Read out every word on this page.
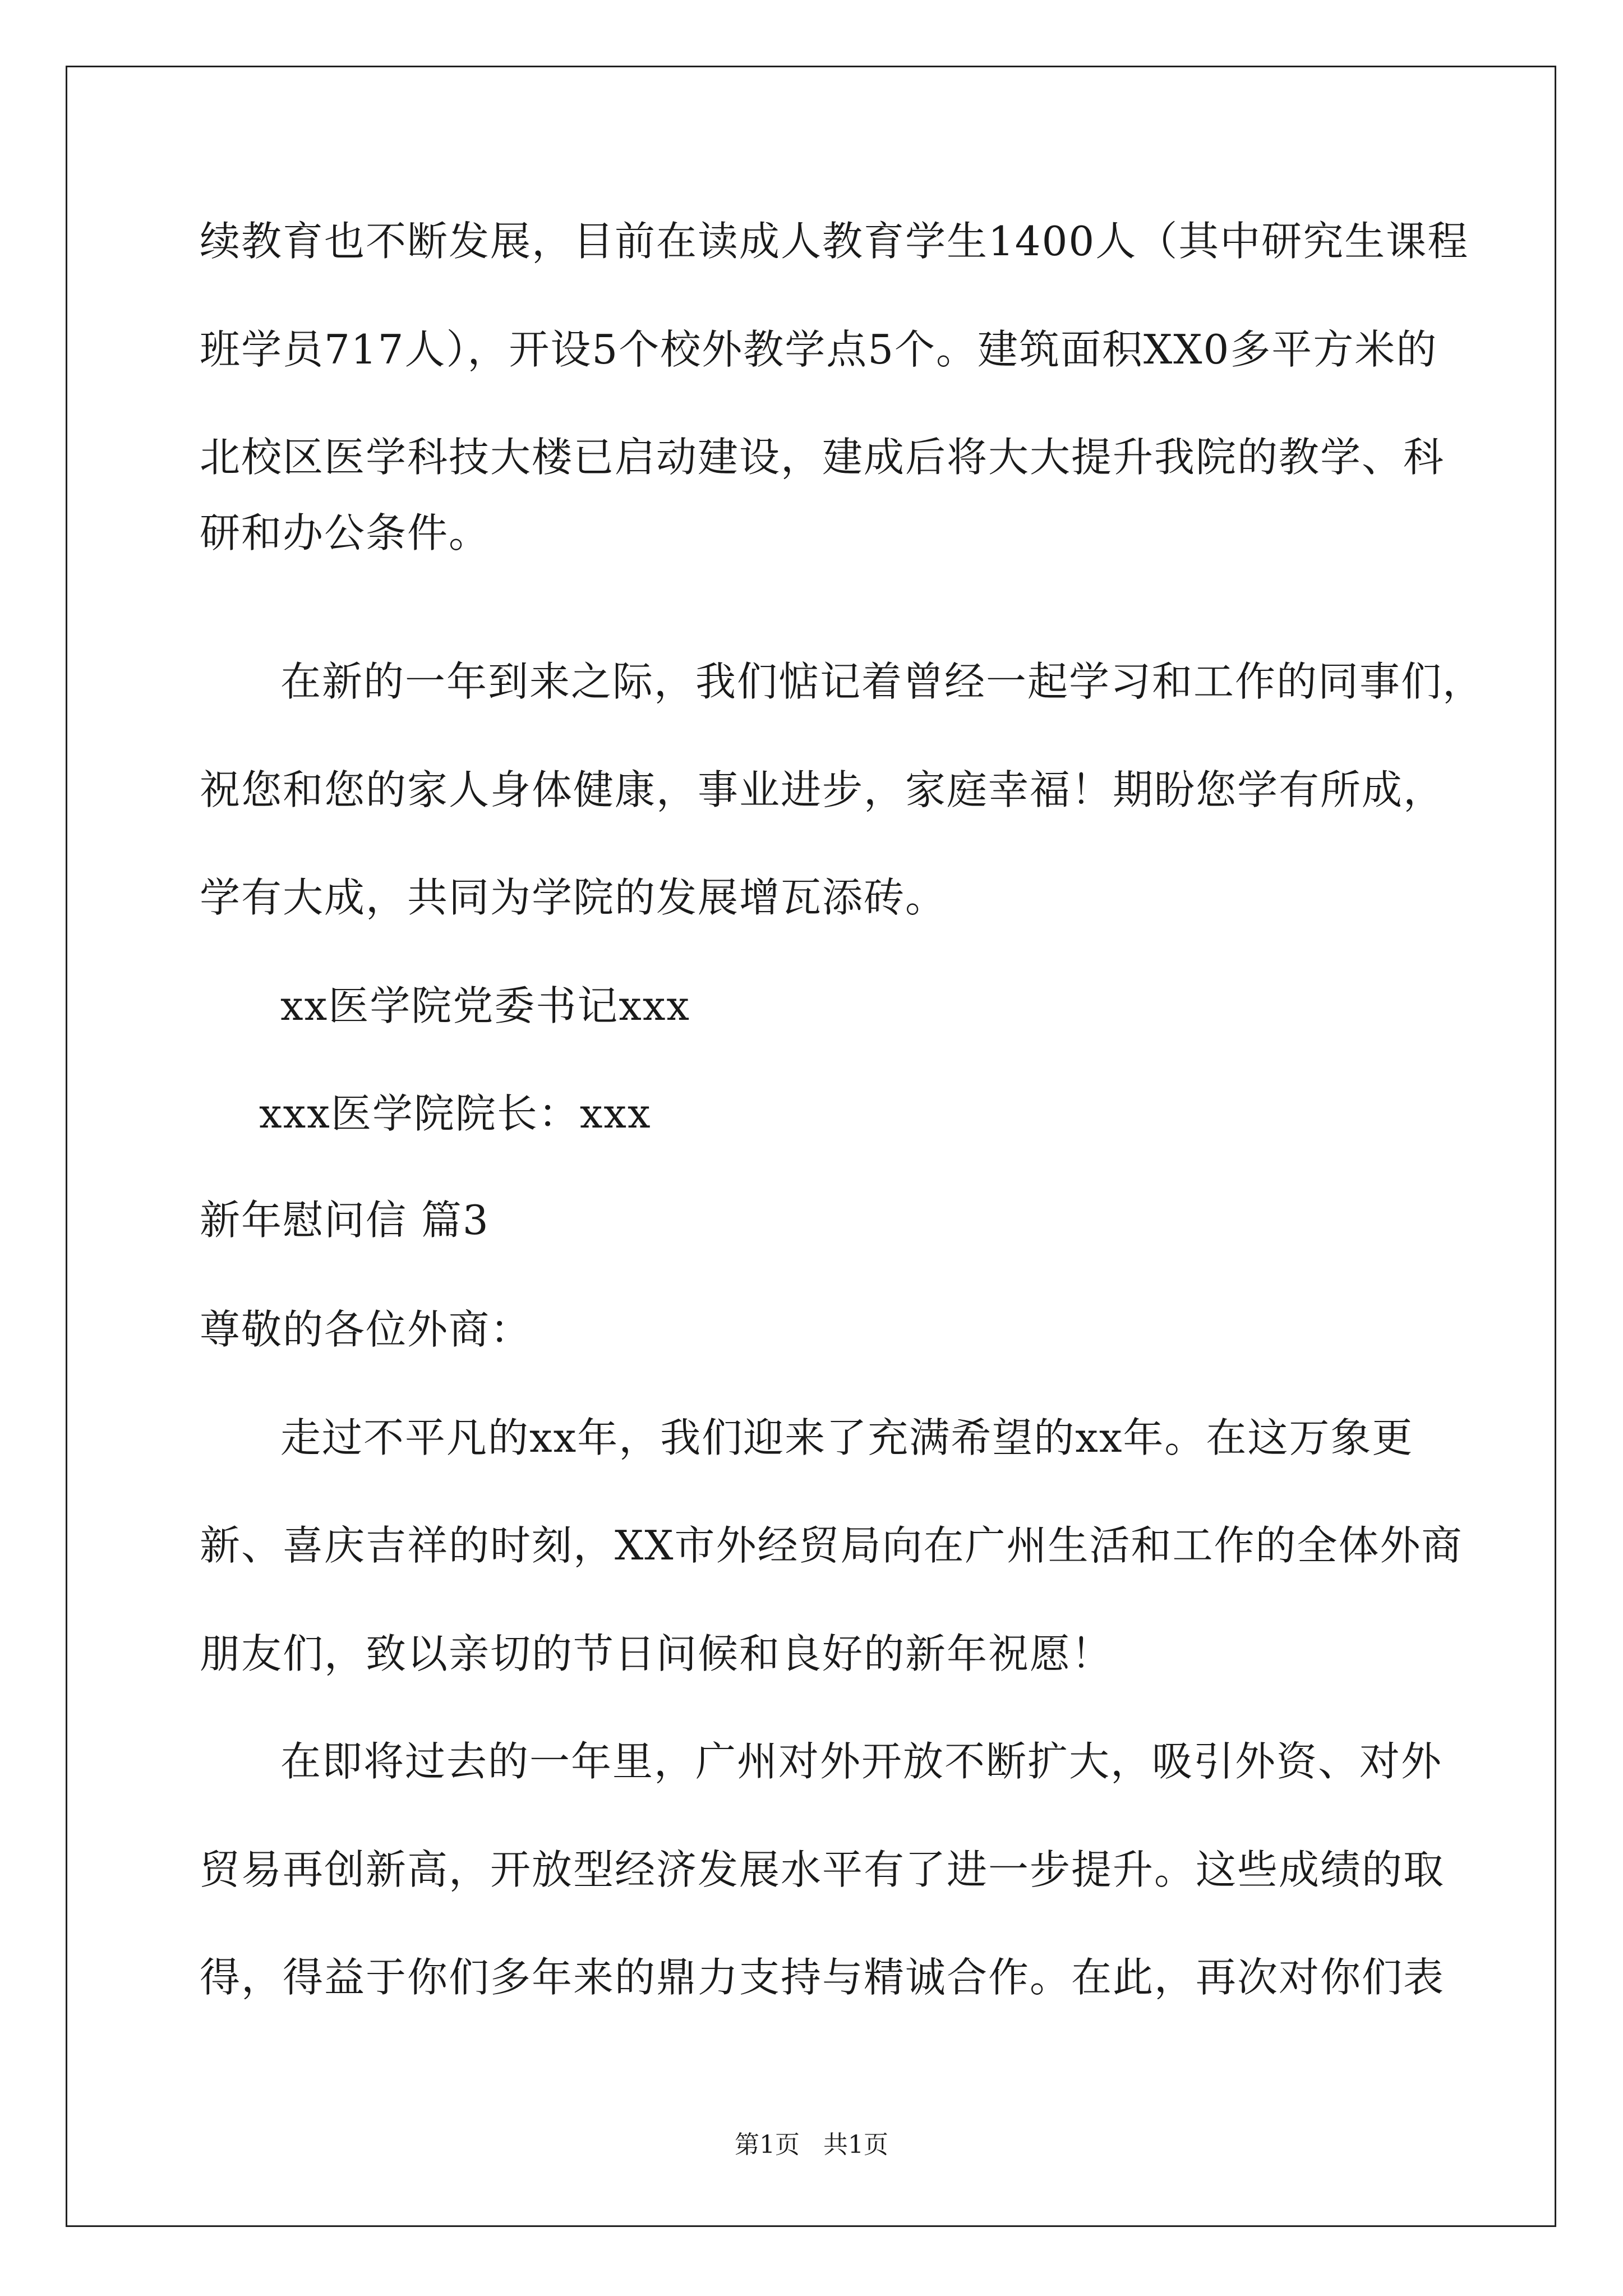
续教育也不断发展，目前在读成人教育学生1400人（其中研究生课程
班学员717人），开设5个校外教学点5个。建筑面积XX0多平方米的
北校区医学科技大楼已启动建设，建成后将大大提升我院的教学、科
研和办公条件。
在新的一年到来之际，我们惦记着曾经一起学习和工作的同事们，
祝您和您的家人身体健康，事业进步，家庭幸福！期盼您学有所成，
学有大成，共同为学院的发展增瓦添砖。
xx医学院党委书记xxx
xxx医学院院长：xxx
新年慰问信 篇3
尊敬的各位外商：
走过不平凡的xx年，我们迎来了充满希望的xx年。在这万象更
新、喜庆吉祥的时刻，XX市外经贸局向在广州生活和工作的全体外商
朋友们，致以亲切的节日问候和良好的新年祝愿！
在即将过去的一年里，广州对外开放不断扩大，吸引外资、对外
贸易再创新高，开放型经济发展水平有了进一步提升。这些成绩的取
得，得益于你们多年来的鼎力支持与精诚合作。在此，再次对你们表
第1页   共1页
